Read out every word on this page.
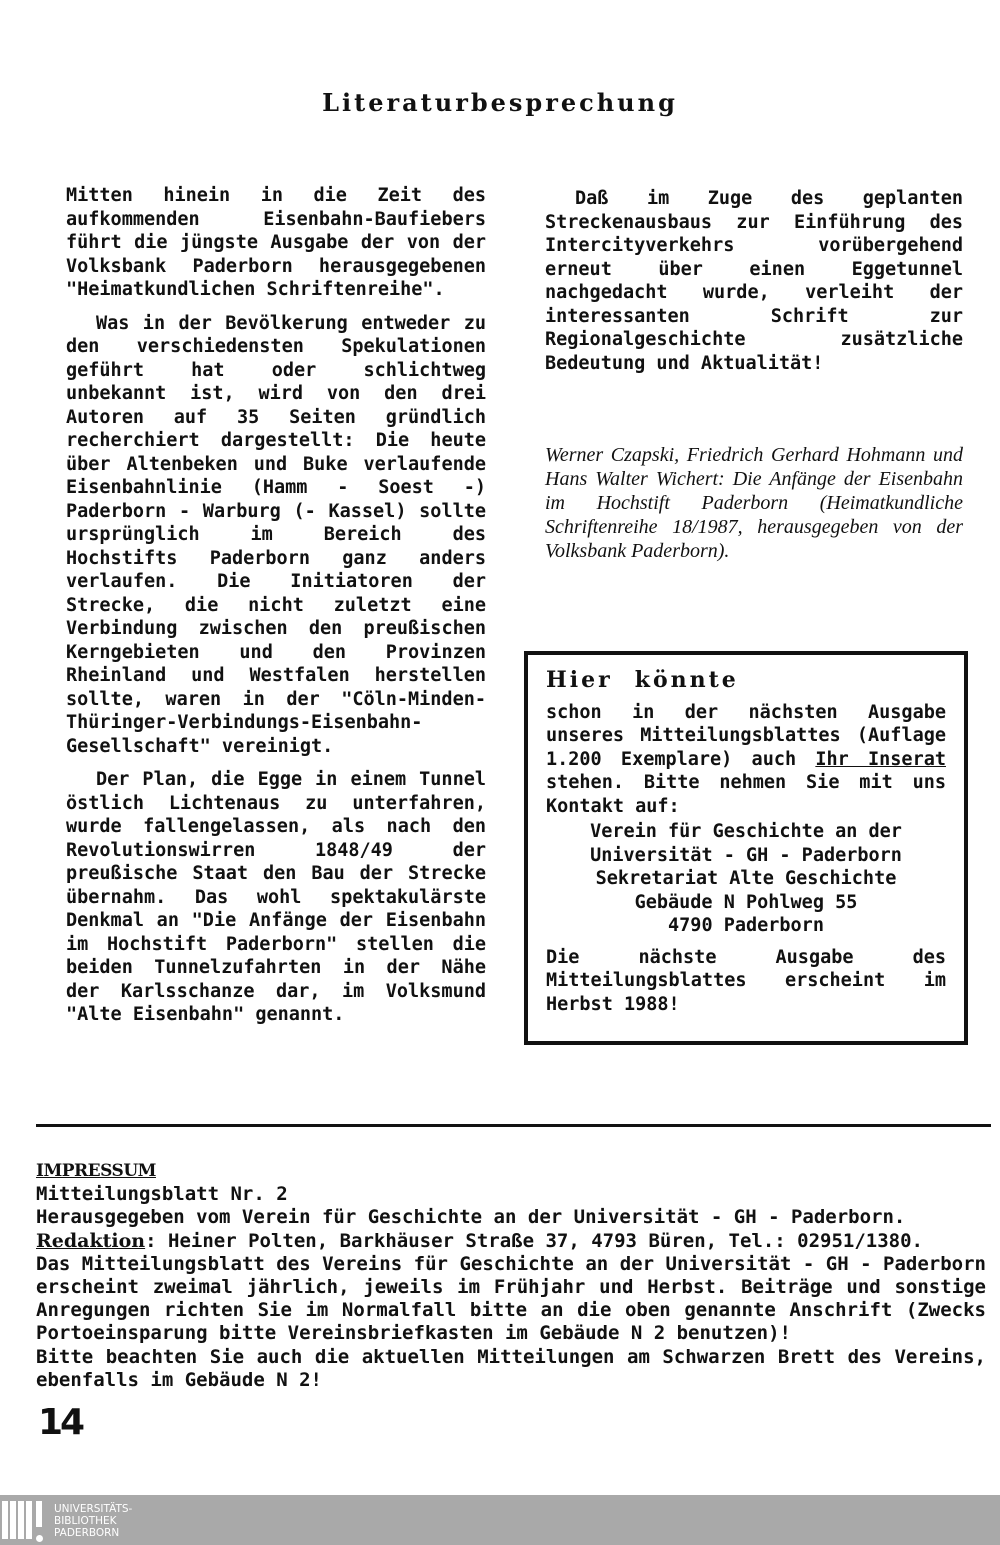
Literaturbesprechung

Mitten hinein in die Zeit des aufkommenden Eisenbahn-Baufiebers führt die jüngste Ausgabe der von der Volksbank Paderborn herausgegebenen "Heimatkundlichen Schriftenreihe".

Was in der Bevölkerung entweder zu den verschiedensten Spekulationen geführt hat oder schlichtweg unbekannt ist, wird von den drei Autoren auf 35 Seiten gründlich recherchiert dargestellt: Die heute über Altenbeken und Buke verlaufende Eisenbahnlinie (Hamm - Soest -) Paderborn - Warburg (- Kassel) sollte ursprünglich im Bereich des Hochstifts Paderborn ganz anders verlaufen. Die Initiatoren der Strecke, die nicht zuletzt eine Verbindung zwischen den preußischen Kerngebieten und den Provinzen Rheinland und Westfalen herstellen sollte, waren in der "Cöln-Minden-Thüringer-Verbindungs-Eisenbahn-Gesellschaft" vereinigt.

Der Plan, die Egge in einem Tunnel östlich Lichtenaus zu unterfahren, wurde fallengelassen, als nach den Revolutionswirren 1848/49 der preußische Staat den Bau der Strecke übernahm. Das wohl spektakulärste Denkmal an "Die Anfänge der Eisenbahn im Hochstift Paderborn" stellen die beiden Tunnelzufahrten in der Nähe der Karlsschanze dar, im Volksmund "Alte Eisenbahn" genannt.

Daß im Zuge des geplanten Streckenausbaus zur Einführung des Intercityverkehrs vorübergehend erneut über einen Eggetunnel nachgedacht wurde, verleiht der interessanten Schrift zur Regionalgeschichte zusätzliche Bedeutung und Aktualität!

Werner Czapski, Friedrich Gerhard Hohmann und Hans Walter Wichert: Die Anfänge der Eisenbahn im Hochstift Paderborn (Heimatkundliche Schriftenreihe 18/1987, herausgegeben von der Volksbank Paderborn).

Hier könnte

schon in der nächsten Ausgabe unseres Mitteilungsblattes (Auflage 1.200 Exemplare) auch Ihr Inserat stehen. Bitte nehmen Sie mit uns Kontakt auf:

Verein für Geschichte an der
Universität - GH - Paderborn
Sekretariat Alte Geschichte
Gebäude N Pohlweg 55
4790 Paderborn

Die nächste Ausgabe des Mitteilungsblattes erscheint im Herbst 1988!

IMPRESSUM
Mitteilungsblatt Nr. 2
Herausgegeben vom Verein für Geschichte an der Universität - GH - Paderborn.
Redaktion: Heiner Polten, Barkhäuser Straße 37, 4793 Büren, Tel.: 02951/1380.
Das Mitteilungsblatt des Vereins für Geschichte an der Universität - GH - Paderborn erscheint zweimal jährlich, jeweils im Frühjahr und Herbst. Beiträge und sonstige Anregungen richten Sie im Normalfall bitte an die oben genannte Anschrift (Zwecks Portoeinsparung bitte Vereinsbriefkasten im Gebäude N 2 benutzen)!
Bitte beachten Sie auch die aktuellen Mitteilungen am Schwarzen Brett des Vereins, ebenfalls im Gebäude N 2!
14
UNIVERSITÄTS-
BIBLIOTHEK
PADERBORN
